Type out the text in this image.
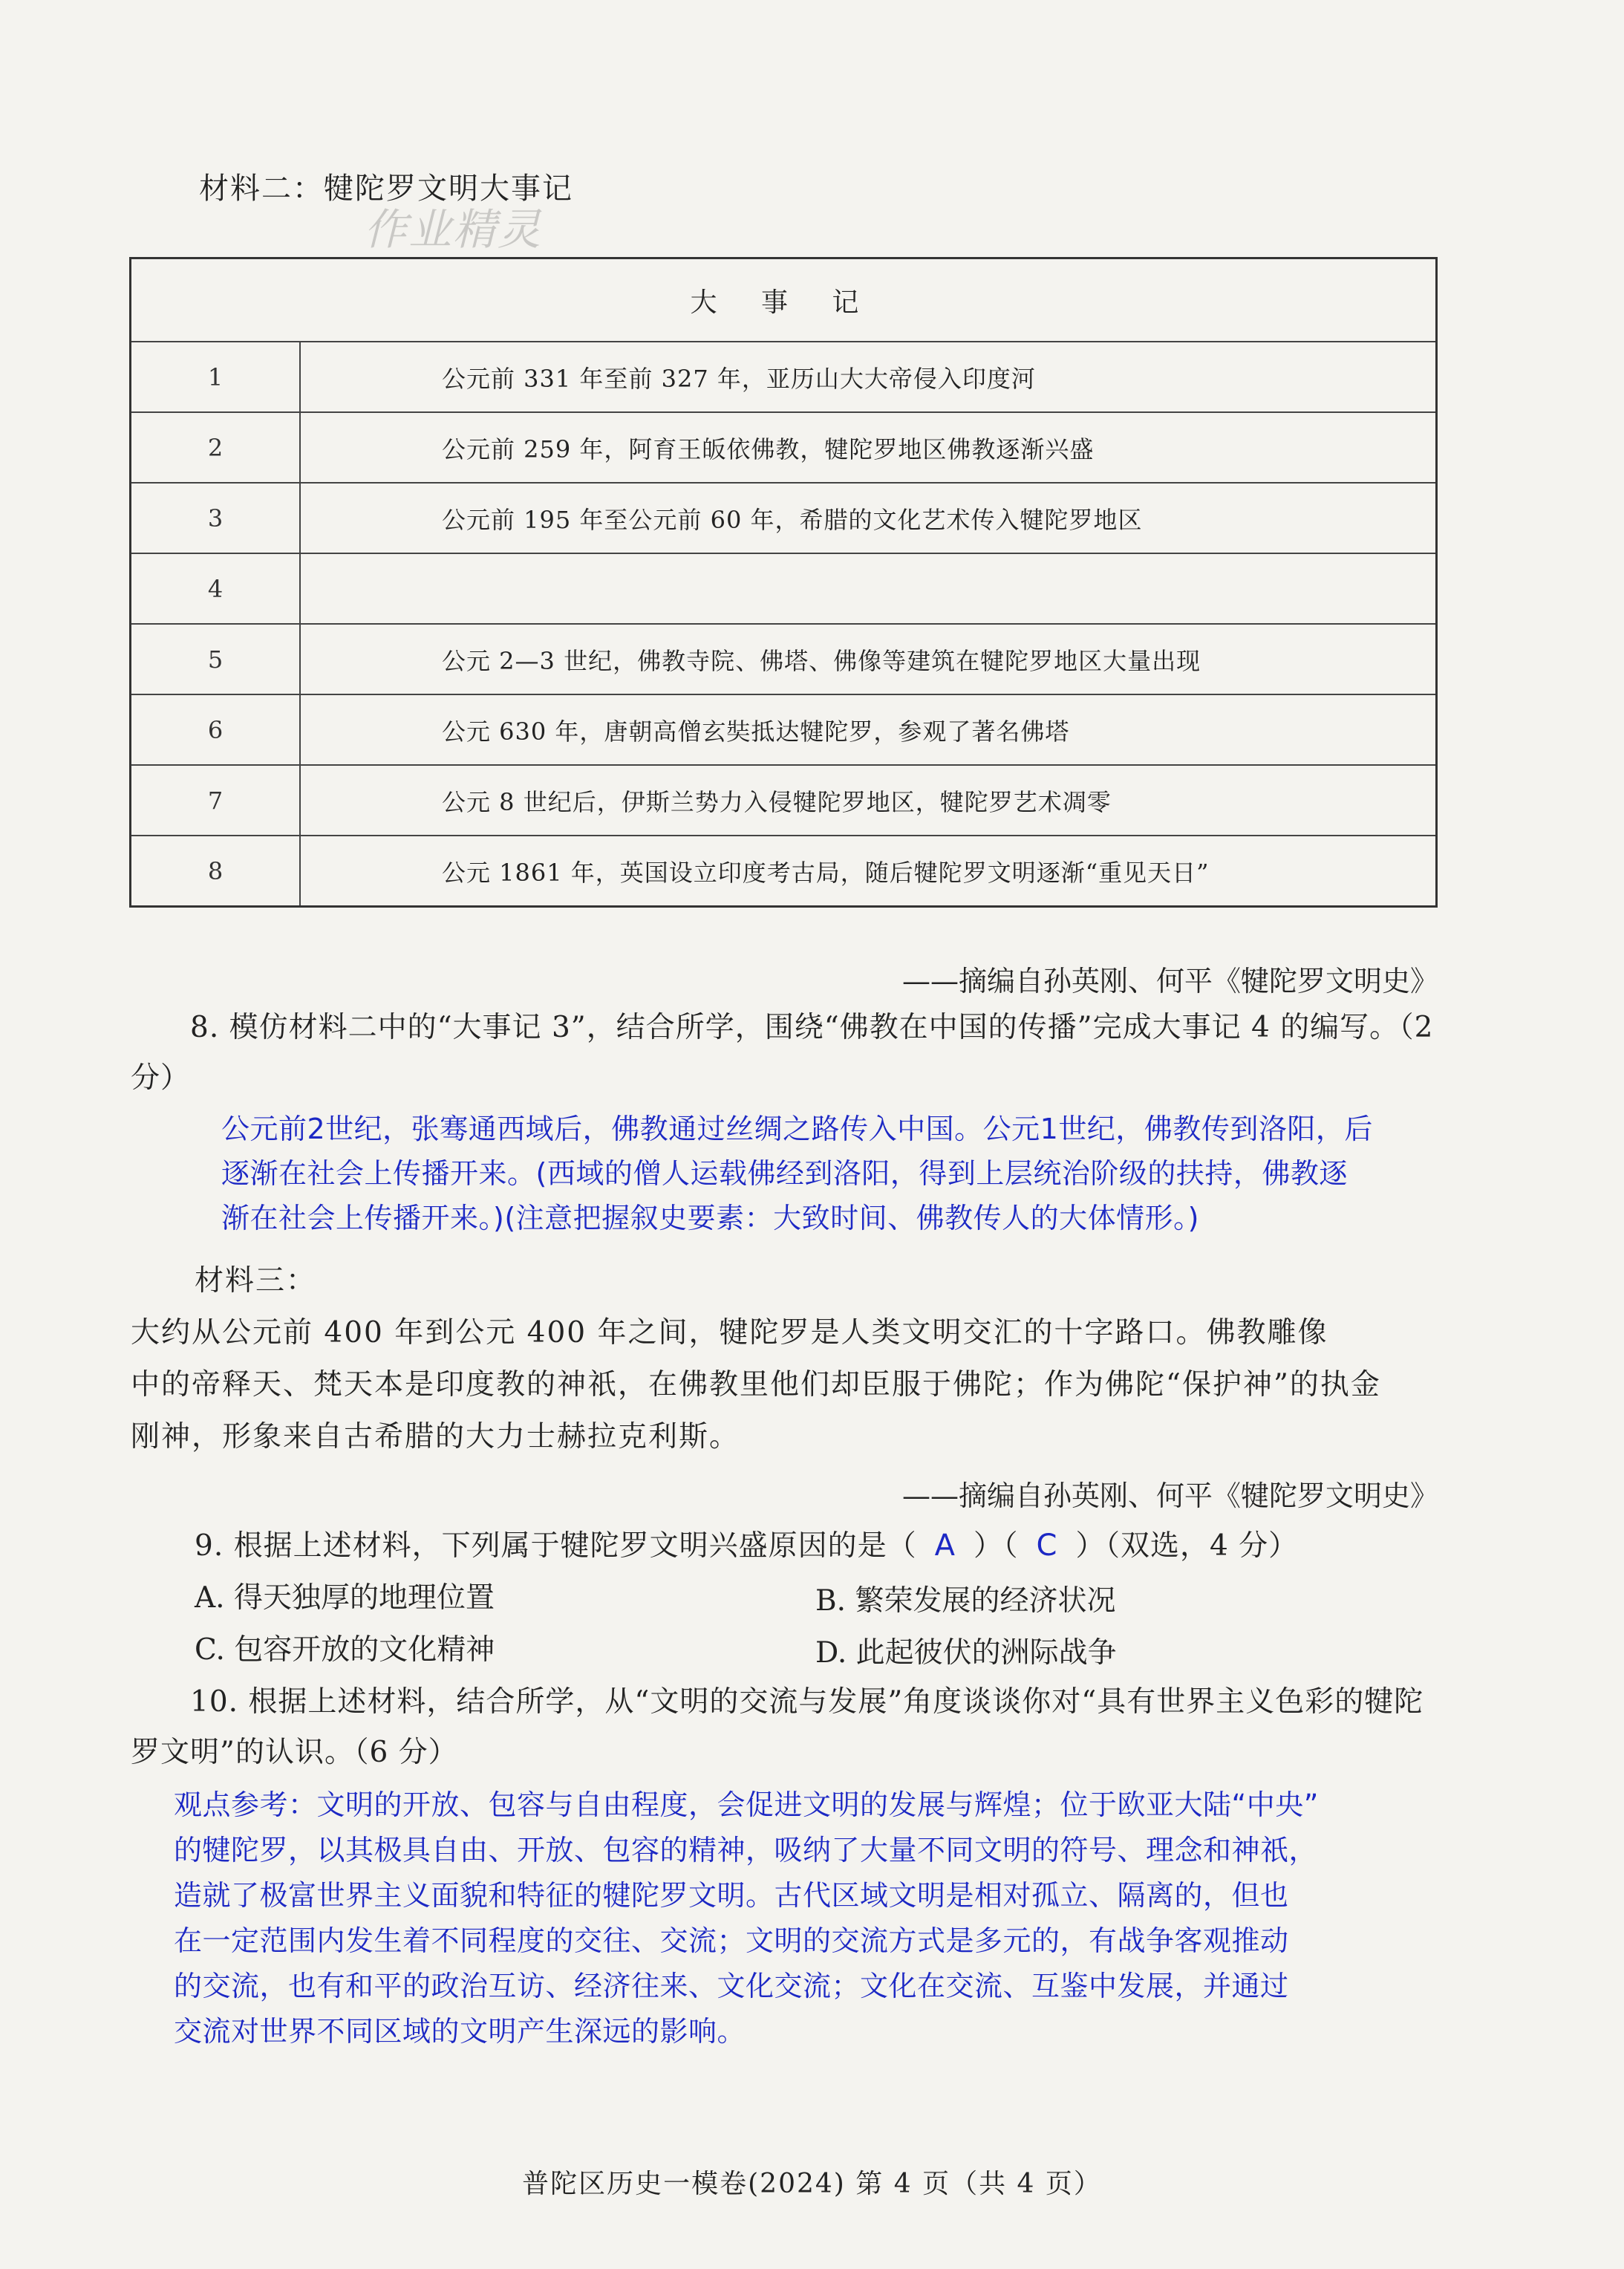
材料二：犍陀罗文明大事记
作业精灵
大 事 记	
1	公元前 331 年至前 327 年，亚历山大大帝侵入印度河
2	公元前 259 年，阿育王皈依佛教，犍陀罗地区佛教逐渐兴盛
3	公元前 195 年至公元前 60 年，希腊的文化艺术传入犍陀罗地区
4	
5	公元 2—3 世纪，佛教寺院、佛塔、佛像等建筑在犍陀罗地区大量出现
6	公元 630 年，唐朝高僧玄奘抵达犍陀罗，参观了著名佛塔
7	公元 8 世纪后，伊斯兰势力入侵犍陀罗地区，犍陀罗艺术凋零
8	公元 1861 年，英国设立印度考古局，随后犍陀罗文明逐渐“重见天日”
——摘编自孙英刚、何平《犍陀罗文明史》
8. 模仿材料二中的“大事记 3”，结合所学，围绕“佛教在中国的传播”完成大事记 4 的编写。（2 分）
公元前2世纪，张骞通西域后，佛教通过丝绸之路传入中国。公元1世纪，佛教传到洛阳，后
逐渐在社会上传播开来。(西域的僧人运载佛经到洛阳，得到上层统治阶级的扶持，佛教逐
渐在社会上传播开来。)(注意把握叙史要素：大致时间、佛教传人的大体情形。)
材料三：
大约从公元前 400 年到公元 400 年之间，犍陀罗是人类文明交汇的十字路口。佛教雕像
中的帝释天、梵天本是印度教的神祇，在佛教里他们却臣服于佛陀；作为佛陀“保护神”的执金
刚神，形象来自古希腊的大力士赫拉克利斯。
——摘编自孙英刚、何平《犍陀罗文明史》
9. 根据上述材料，下列属于犍陀罗文明兴盛原因的是（ A ）（ C ）（双选，4 分）
A. 得天独厚的地理位置	B. 繁荣发展的经济状况
C. 包容开放的文化精神	D. 此起彼伏的洲际战争
10. 根据上述材料，结合所学，从“文明的交流与发展”角度谈谈你对“具有世界主义色彩的犍陀罗文明”的认识。（6 分）
观点参考：文明的开放、包容与自由程度，会促进文明的发展与辉煌；位于欧亚大陆“中央”
的犍陀罗，以其极具自由、开放、包容的精神，吸纳了大量不同文明的符号、理念和神祇，
造就了极富世界主义面貌和特征的犍陀罗文明。古代区域文明是相对孤立、隔离的，但也
在一定范围内发生着不同程度的交往、交流；文明的交流方式是多元的，有战争客观推动
的交流，也有和平的政治互访、经济往来、文化交流；文化在交流、互鉴中发展，并通过
交流对世界不同区域的文明产生深远的影响。
普陀区历史一模卷(2024) 第 4 页（共 4 页）
